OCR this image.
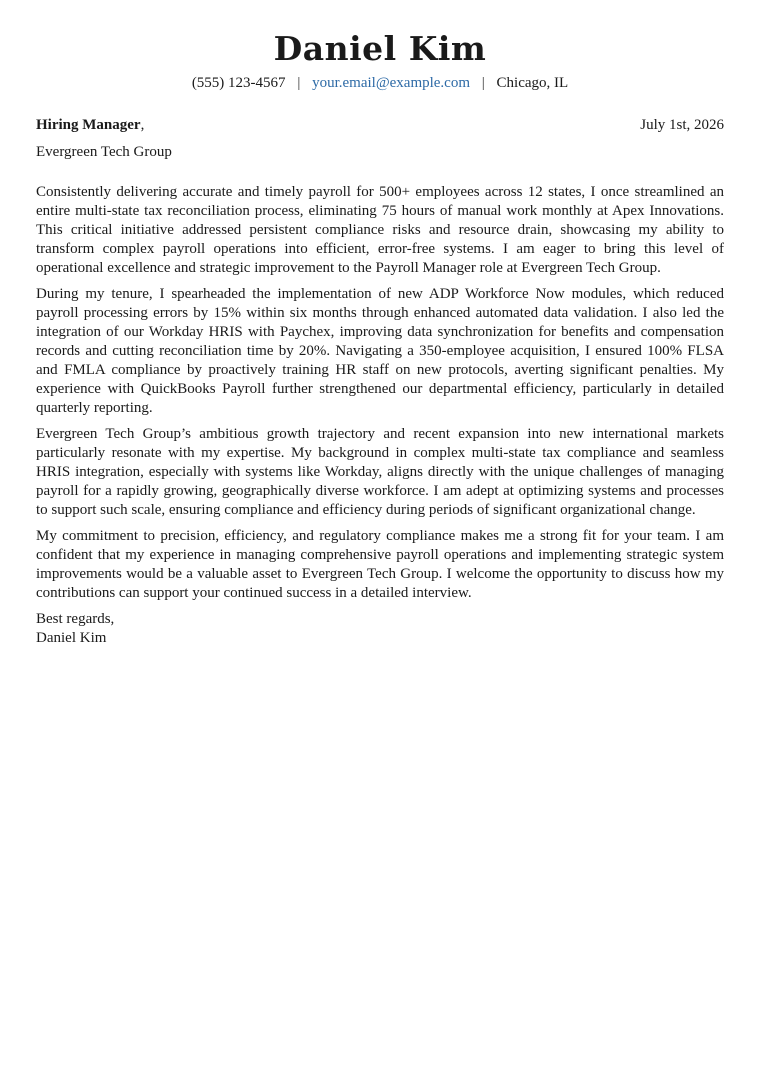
Daniel Kim
(555) 123-4567 | your.email@example.com | Chicago, IL
Hiring Manager,	July 1st, 2026
Evergreen Tech Group

Consistently delivering accurate and timely payroll for 500+ employees across 12 states, I once streamlined an entire multi-state tax reconciliation process, eliminating 75 hours of manual work monthly at Apex Innovations. This critical initiative addressed persistent compliance risks and resource drain, showcasing my ability to transform complex payroll operations into efficient, error-free systems. I am eager to bring this level of operational excellence and strategic improvement to the Payroll Manager role at Evergreen Tech Group.

During my tenure, I spearheaded the implementation of new ADP Workforce Now modules, which reduced payroll processing errors by 15% within six months through enhanced automated data validation. I also led the integration of our Workday HRIS with Paychex, improving data synchronization for benefits and compensation records and cutting reconciliation time by 20%. Navigating a 350-employee acquisition, I ensured 100% FLSA and FMLA compliance by proactively training HR staff on new protocols, averting significant penalties. My experience with QuickBooks Payroll further strengthened our departmental efficiency, particularly in detailed quarterly reporting.

Evergreen Tech Group’s ambitious growth trajectory and recent expansion into new international markets particularly resonate with my expertise. My background in complex multi-state tax compliance and seamless HRIS integration, especially with systems like Workday, aligns directly with the unique challenges of managing payroll for a rapidly growing, geographically diverse workforce. I am adept at optimizing systems and processes to support such scale, ensuring compliance and efficiency during periods of significant organizational change.

My commitment to precision, efficiency, and regulatory compliance makes me a strong fit for your team. I am confident that my experience in managing comprehensive payroll operations and implementing strategic system improvements would be a valuable asset to Evergreen Tech Group. I welcome the opportunity to discuss how my contributions can support your continued success in a detailed interview.

Best regards,
Daniel Kim
